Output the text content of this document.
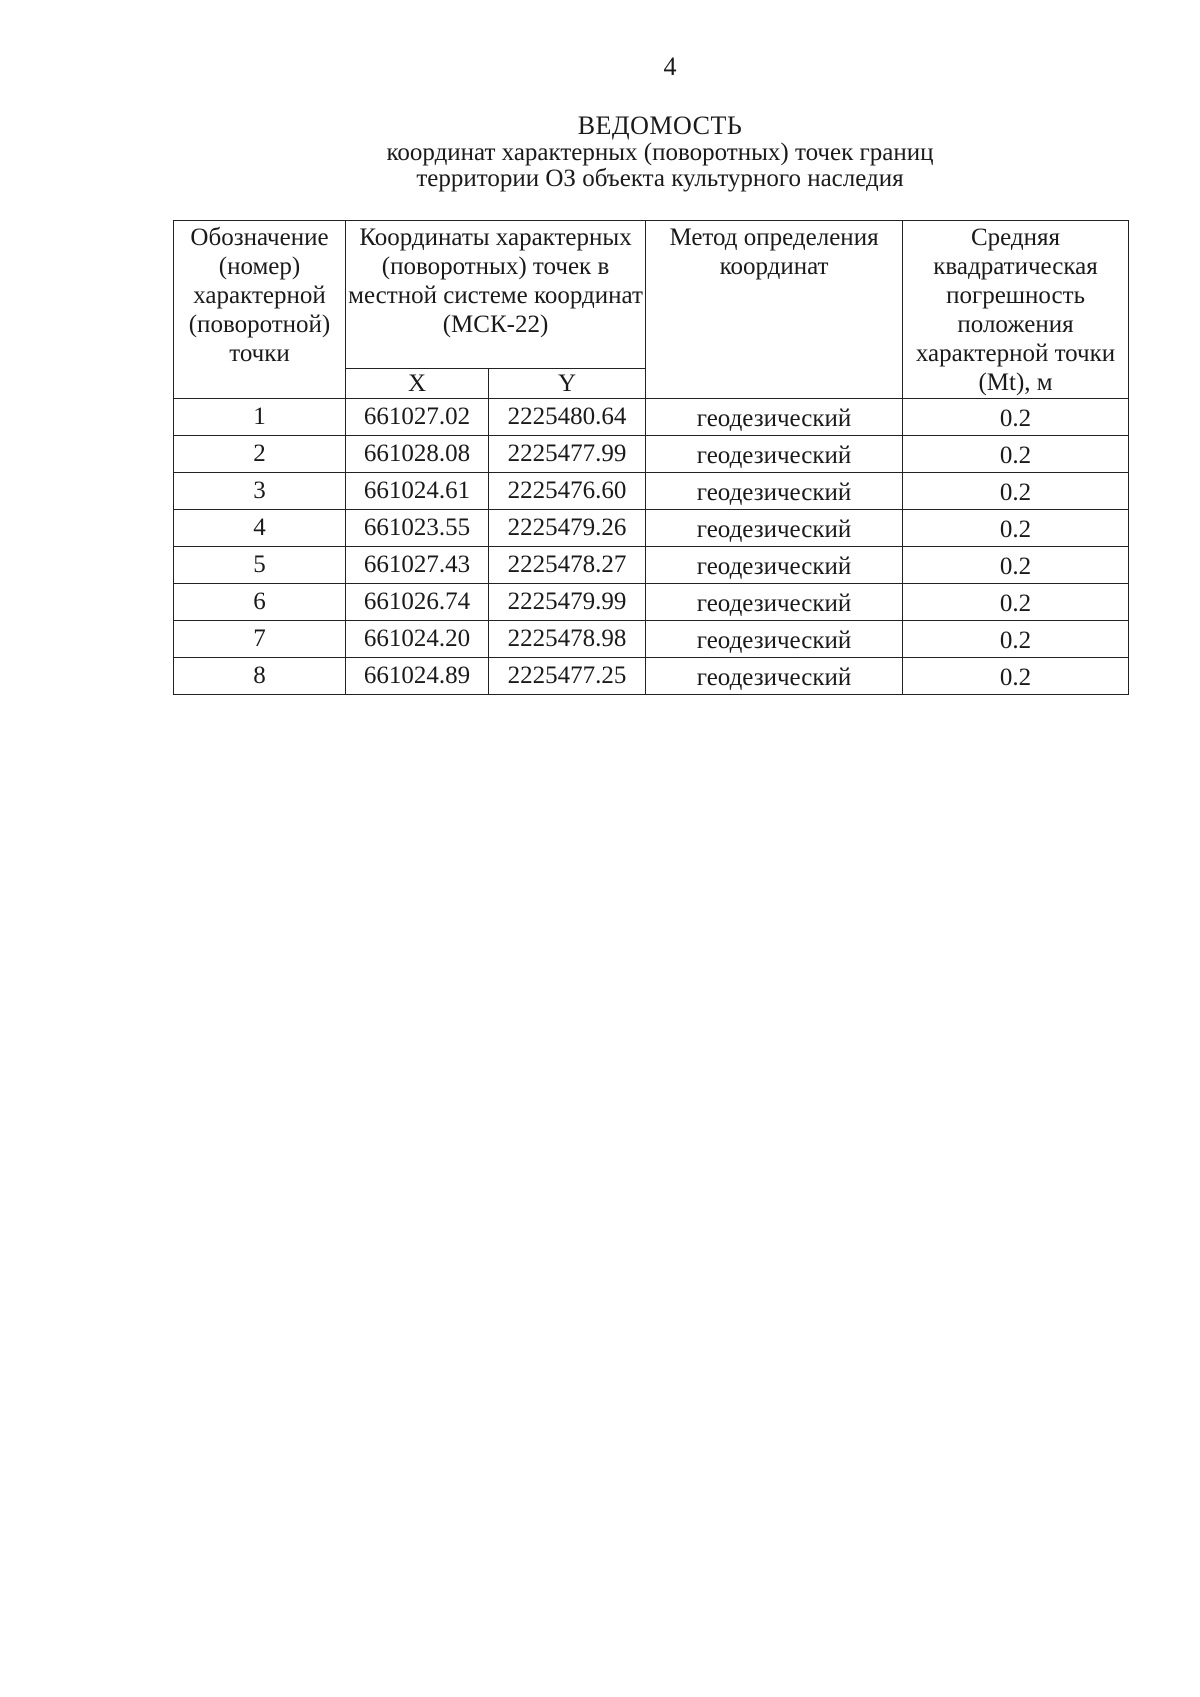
4
ВЕДОМОСТЬ
координат характерных (поворотных) точек границ
территории ОЗ объекта культурного наследия
Обозначение (номер) характерной (поворотной) точки	Координаты характерных (поворотных) точек в местной системе координат (МСК-22)		Метод определения координат	Средняя квадратическая погрешность положения характерной точки (Mt), м
	X	Y		
1	661027.02	2225480.64	геодезический	0.2
2	661028.08	2225477.99	геодезический	0.2
3	661024.61	2225476.60	геодезический	0.2
4	661023.55	2225479.26	геодезический	0.2
5	661027.43	2225478.27	геодезический	0.2
6	661026.74	2225479.99	геодезический	0.2
7	661024.20	2225478.98	геодезический	0.2
8	661024.89	2225477.25	геодезический	0.2
